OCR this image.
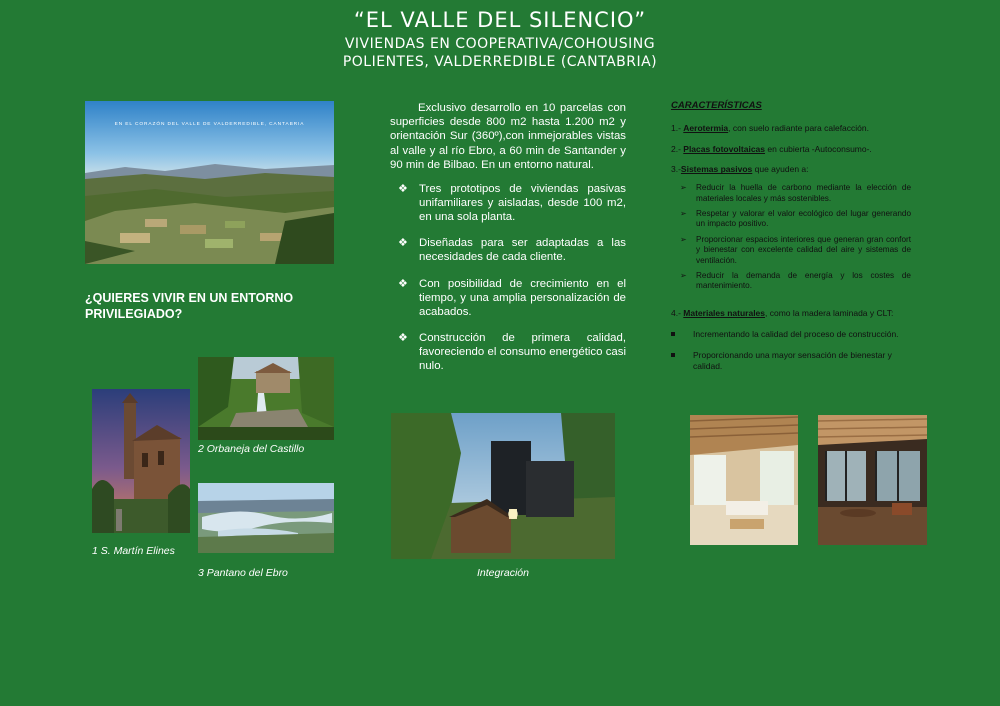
“EL VALLE DEL SILENCIO”
VIVIENDAS EN COOPERATIVA/COHOUSING
POLIENTES, VALDERREDIBLE (CANTABRIA)
EN EL CORAZÓN DEL VALLE DE VALDERREDIBLE, CANTABRIA
¿QUIERES VIVIR EN UN ENTORNO PRIVILEGIADO?
1 S. Martín Elines
2 Orbaneja del Castillo
3 Pantano del Ebro
Exclusivo desarrollo en 10 parcelas con superficies desde 800 m2 hasta 1.200 m2 y orientación Sur (360º),con inmejorables vistas al valle y al río Ebro, a 60 min de Santander y 90 min de Bilbao. En un entorno natural.
❖ Tres prototipos de viviendas pasivas unifamiliares y aisladas, desde 100 m2, en una sola planta.
❖ Diseñadas para ser adaptadas a las necesidades de cada cliente.
❖ Con posibilidad de crecimiento en el tiempo, y una amplia personalización de acabados.
❖ Construcción de primera calidad, favoreciendo el consumo energético casi nulo.
Integración
CARACTERÍSTICAS

1.- Aerotermia, con suelo radiante para calefacción.

2.- Placas fotovoltaicas en cubierta -Autoconsumo-.

3.-Sistemas pasivos que ayuden a:

➢ Reducir la huella de carbono mediante la elección de materiales locales y más sostenibles.
➢ Respetar y valorar el valor ecológico del lugar generando un impacto positivo.
➢ Proporcionar espacios interiores que generan gran confort y bienestar con excelente calidad del aire y sistemas de ventilación.
➢ Reducir la demanda de energía y los costes de mantenimiento.

4.- Materiales naturales, como la madera laminada y CLT:

Incrementando la calidad del proceso de construcción.
Proporcionando una mayor sensación de bienestar y calidad.
